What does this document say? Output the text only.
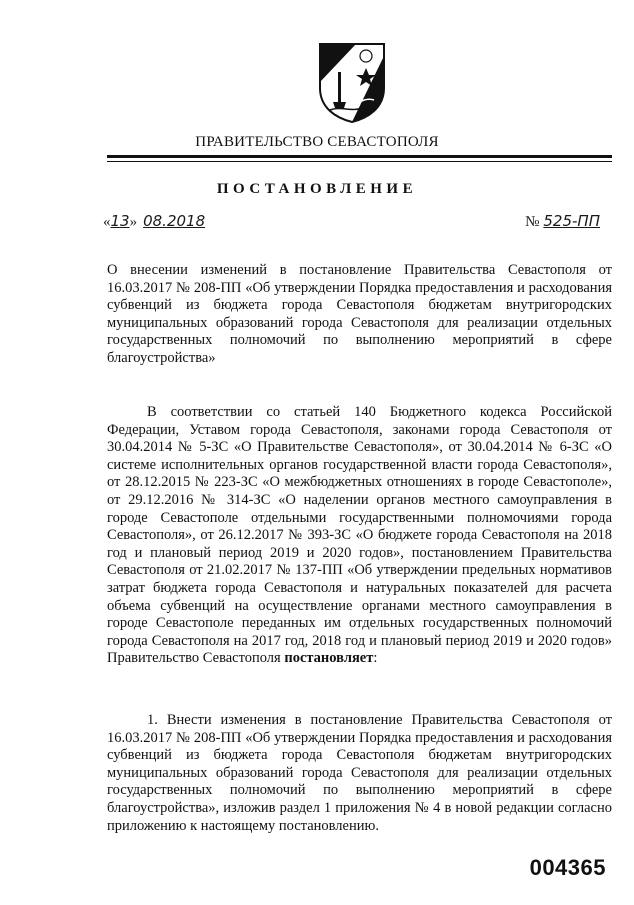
ПРАВИТЕЛЬСТВО СЕВАСТОПОЛЯ
ПОСТАНОВЛЕНИЕ
«13» 08.2018	№ 525-ПП

О внесении изменений в постановление Правительства Севастополя от 16.03.2017 № 208-ПП «Об утверждении Порядка предоставления и расходования субвенций из бюджета города Севастополя бюджетам внутригородских муниципальных образований города Севастополя для реализации отдельных государственных полномочий по выполнению мероприятий в сфере благоустройства»

В соответствии со статьей 140 Бюджетного кодекса Российской Федерации, Уставом города Севастополя, законами города Севастополя от 30.04.2014 № 5-ЗС «О Правительстве Севастополя», от 30.04.2014 № 6-ЗС «О системе исполнительных органов государственной власти города Севастополя», от 28.12.2015 № 223-ЗС «О межбюджетных отношениях в городе Севастополе», от 29.12.2016 № 314-ЗС «О наделении органов местного самоуправления в городе Севастополе отдельными государственными полномочиями города Севастополя», от 26.12.2017 № 393-ЗС «О бюджете города Севастополя на 2018 год и плановый период 2019 и 2020 годов», постановлением Правительства Севастополя от 21.02.2017 № 137-ПП «Об утверждении предельных нормативов затрат бюджета города Севастополя и натуральных показателей для расчета объема субвенций на осуществление органами местного самоуправления в городе Севастополе переданных им отдельных государственных полномочий города Севастополя на 2017 год, 2018 год и плановый период 2019 и 2020 годов» Правительство Севастополя постановляет:

1. Внести изменения в постановление Правительства Севастополя от 16.03.2017 № 208-ПП «Об утверждении Порядка предоставления и расходования субвенций из бюджета города Севастополя бюджетам внутригородских муниципальных образований города Севастополя для реализации отдельных государственных полномочий по выполнению мероприятий в сфере благоустройства», изложив раздел 1 приложения № 4 в новой редакции согласно приложению к настоящему постановлению.

004365
